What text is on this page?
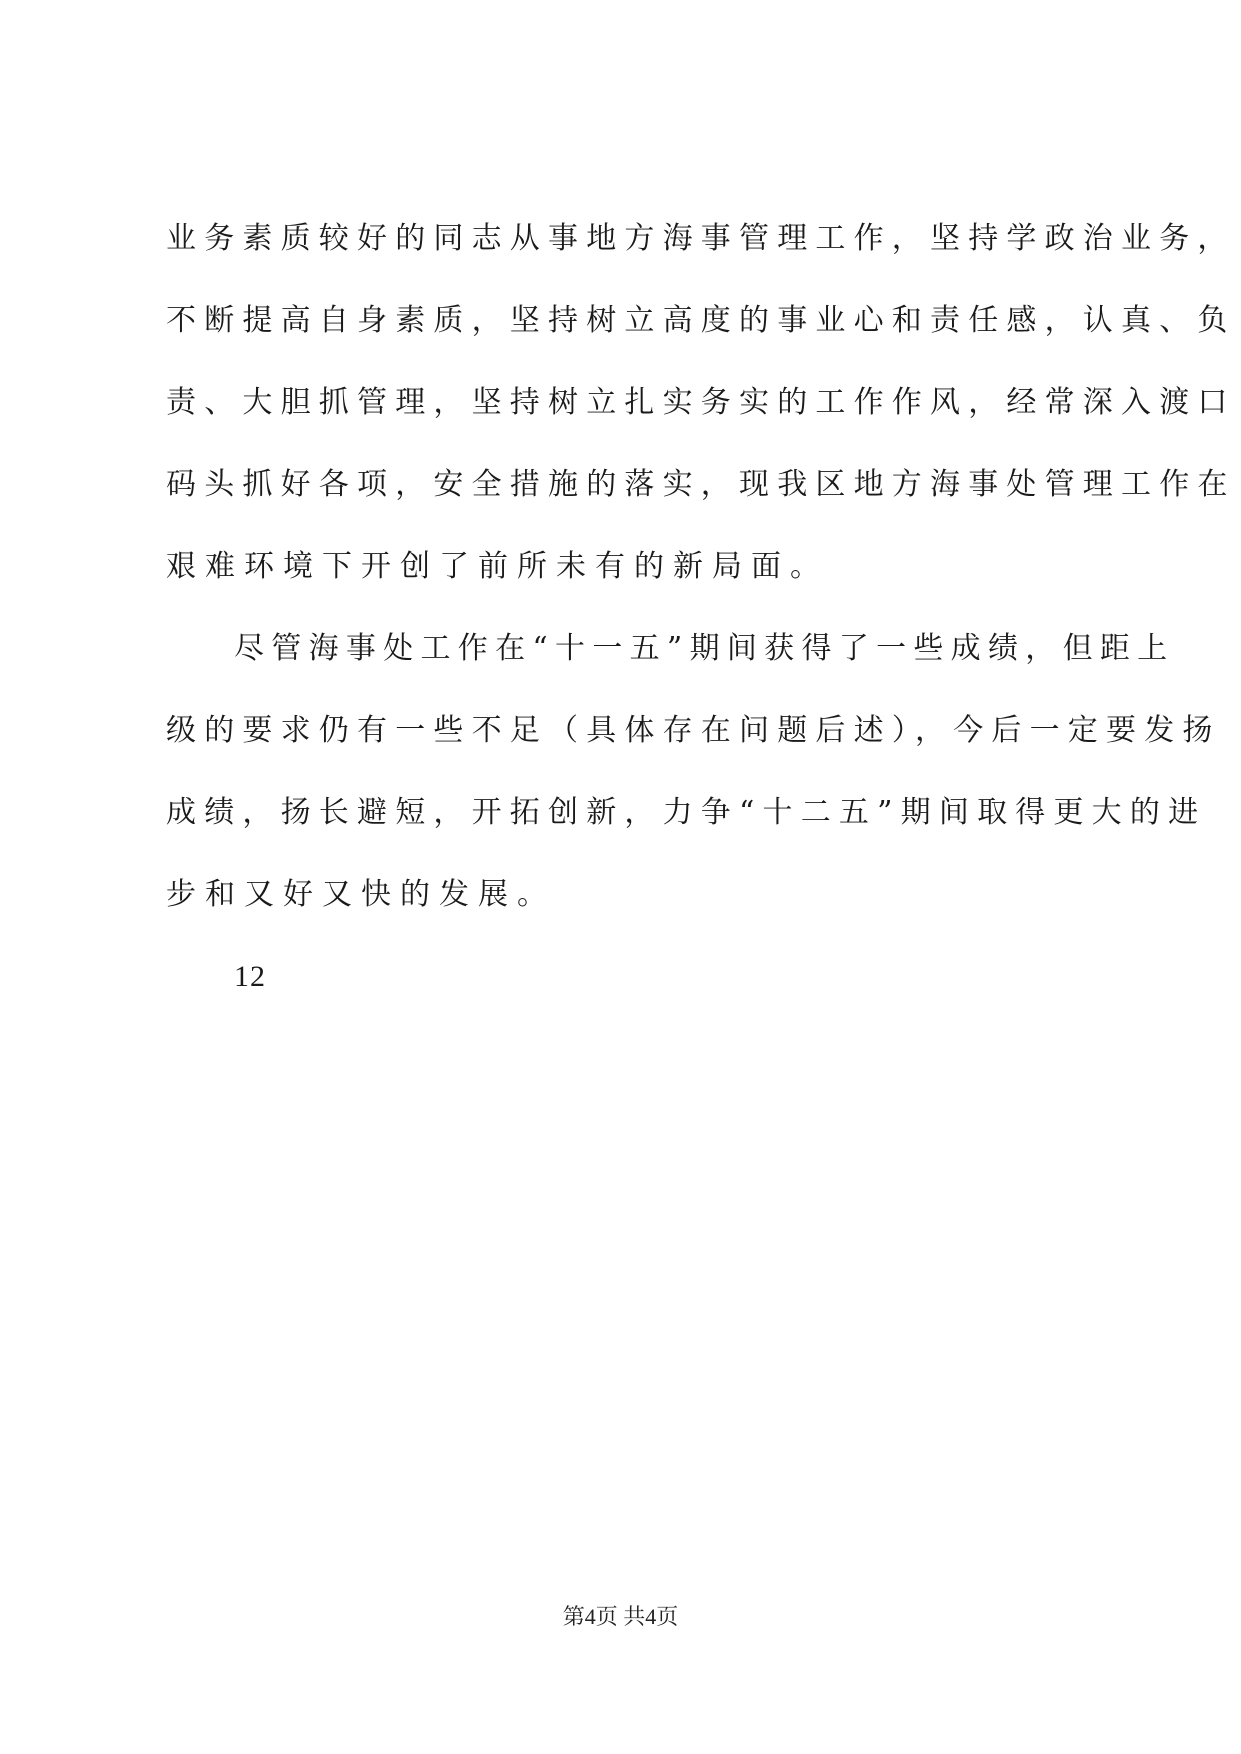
业务素质较好的同志从事地方海事管理工作，坚持学政治业务，
不断提高自身素质，坚持树立高度的事业心和责任感，认真、负
责、大胆抓管理，坚持树立扎实务实的工作作风，经常深入渡口
码头抓好各项，安全措施的落实，现我区地方海事处管理工作在
艰难环境下开创了前所未有的新局面。
尽管海事处工作在“十一五”期间获得了一些成绩，但距上
级的要求仍有一些不足（具体存在问题后述），今后一定要发扬
成绩，扬长避短，开拓创新，力争“十二五”期间取得更大的进
步和又好又快的发展。
12
第4页 共4页
